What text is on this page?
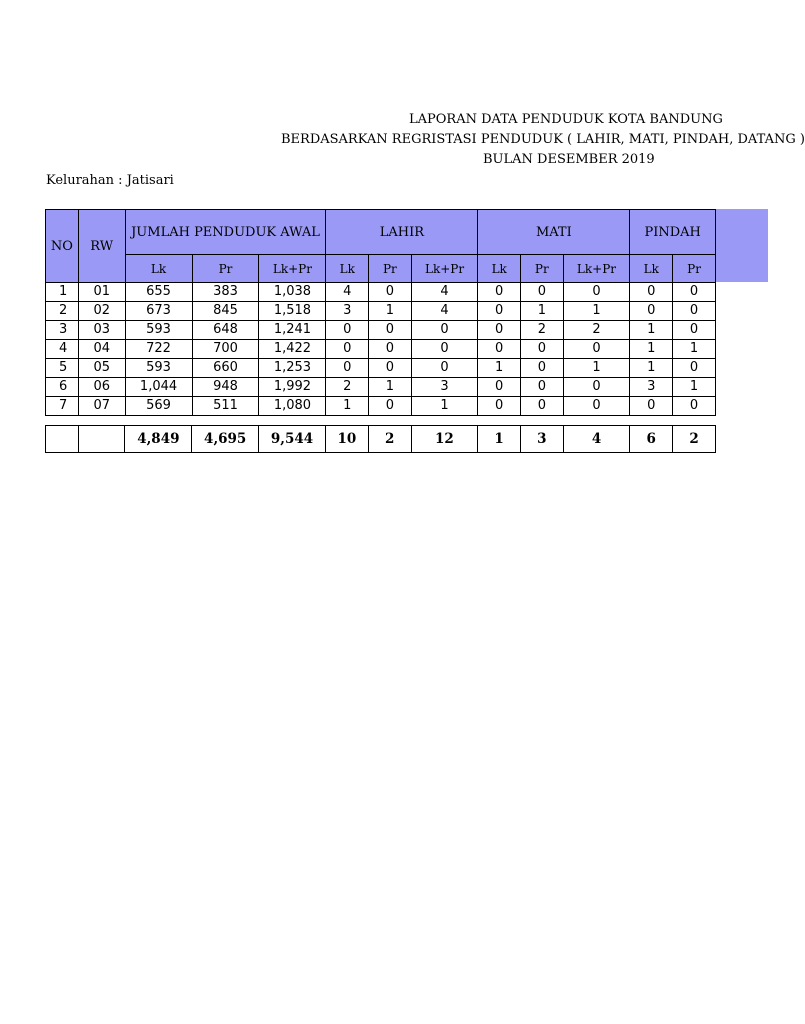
LAPORAN DATA PENDUDUK KOTA BANDUNG
BERDASARKAN REGRISTASI PENDUDUK ( LAHIR, MATI, PINDAH, DATANG )
BULAN DESEMBER 2019
Kelurahan : Jatisari
NO	RW	JUMLAH PENDUDUK AWAL			LAHIR			MATI			PINDAH	
		Lk	Pr	Lk+Pr	Lk	Pr	Lk+Pr	Lk	Pr	Lk+Pr	Lk	Pr
1	01	655	383	1,038	4	0	4	0	0	0	0	0
2	02	673	845	1,518	3	1	4	0	1	1	0	0
3	03	593	648	1,241	0	0	0	0	2	2	1	0
4	04	722	700	1,422	0	0	0	0	0	0	1	1
5	05	593	660	1,253	0	0	0	1	0	1	1	0
6	06	1,044	948	1,992	2	1	3	0	0	0	3	1
7	07	569	511	1,080	1	0	1	0	0	0	0	0
		4,849	4,695	9,544	10	2	12	1	3	4	6	2
